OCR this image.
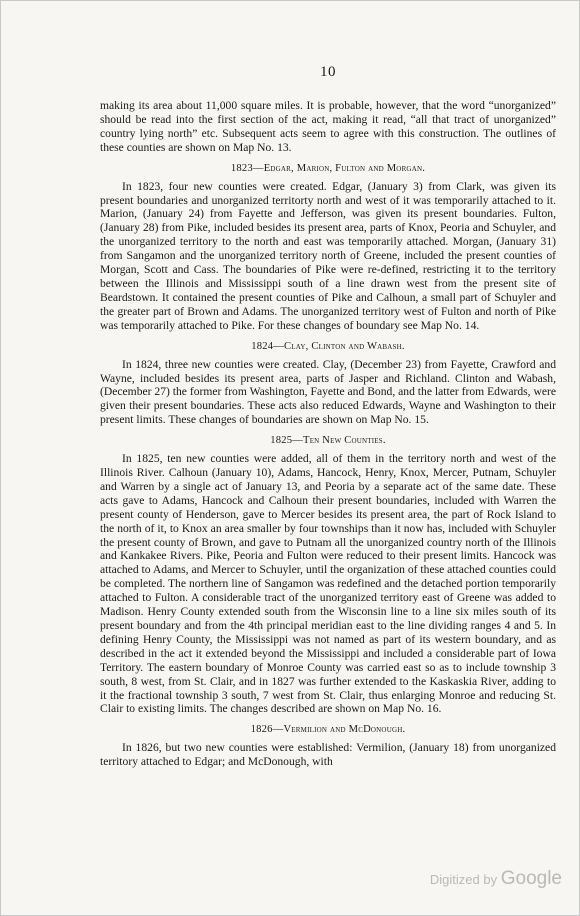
10

making its area about 11,000 square miles. It is probable, however, that the word “unorganized” should be read into the first section of the act, making it read, “all that tract of unorganized” country lying north” etc. Subsequent acts seem to agree with this construction. The outlines of these counties are shown on Map No. 13.

1823—Edgar, Marion, Fulton and Morgan.

In 1823, four new counties were created. Edgar, (January 3) from Clark, was given its present boundaries and unorganized territorty north and west of it was temporarily attached to it. Marion, (January 24) from Fayette and Jefferson, was given its present boundaries. Fulton, (January 28) from Pike, included besides its present area, parts of Knox, Peoria and Schuyler, and the unorganized territory to the north and east was temporarily attached. Morgan, (January 31) from Sangamon and the unorganized territory north of Greene, included the present counties of Morgan, Scott and Cass. The boundaries of Pike were re-defined, restricting it to the territory between the Illinois and Mississippi south of a line drawn west from the present site of Beardstown. It contained the present counties of Pike and Calhoun, a small part of Schuyler and the greater part of Brown and Adams. The unorganized territory west of Fulton and north of Pike was temporarily attached to Pike. For these changes of boundary see Map No. 14.

1824—Clay, Clinton and Wabash.

In 1824, three new counties were created. Clay, (December 23) from Fayette, Crawford and Wayne, included besides its present area, parts of Jasper and Richland. Clinton and Wabash, (December 27) the former from Washington, Fayette and Bond, and the latter from Edwards, were given their present boundaries. These acts also reduced Edwards, Wayne and Washington to their present limits. These changes of boundaries are shown on Map No. 15.

1825—Ten New Counties.

In 1825, ten new counties were added, all of them in the territory north and west of the Illinois River. Calhoun (January 10), Adams, Hancock, Henry, Knox, Mercer, Putnam, Schuyler and Warren by a single act of January 13, and Peoria by a separate act of the same date. These acts gave to Adams, Hancock and Calhoun their present boundaries, included with Warren the present county of Henderson, gave to Mercer besides its present area, the part of Rock Island to the north of it, to Knox an area smaller by four townships than it now has, included with Schuyler the present county of Brown, and gave to Putnam all the unorganized country north of the Illinois and Kankakee Rivers. Pike, Peoria and Fulton were reduced to their present limits. Hancock was attached to Adams, and Mercer to Schuyler, until the organization of these attached counties could be completed. The northern line of Sangamon was redefined and the detached portion temporarily attached to Fulton. A considerable tract of the unorganized territory east of Greene was added to Madison. Henry County extended south from the Wisconsin line to a line six miles south of its present boundary and from the 4th principal meridian east to the line dividing ranges 4 and 5. In defining Henry County, the Mississippi was not named as part of its western boundary, and as described in the act it extended beyond the Mississippi and included a considerable part of Iowa Territory. The eastern boundary of Monroe County was carried east so as to include township 3 south, 8 west, from St. Clair, and in 1827 was further extended to the Kaskaskia River, adding to it the fractional township 3 south, 7 west from St. Clair, thus enlarging Monroe and reducing St. Clair to existing limits. The changes described are shown on Map No. 16.

1826—Vermilion and McDonough.

In 1826, but two new counties were established: Vermilion, (January 18) from unorganized territory attached to Edgar; and McDonough, with

Digitized by Google
